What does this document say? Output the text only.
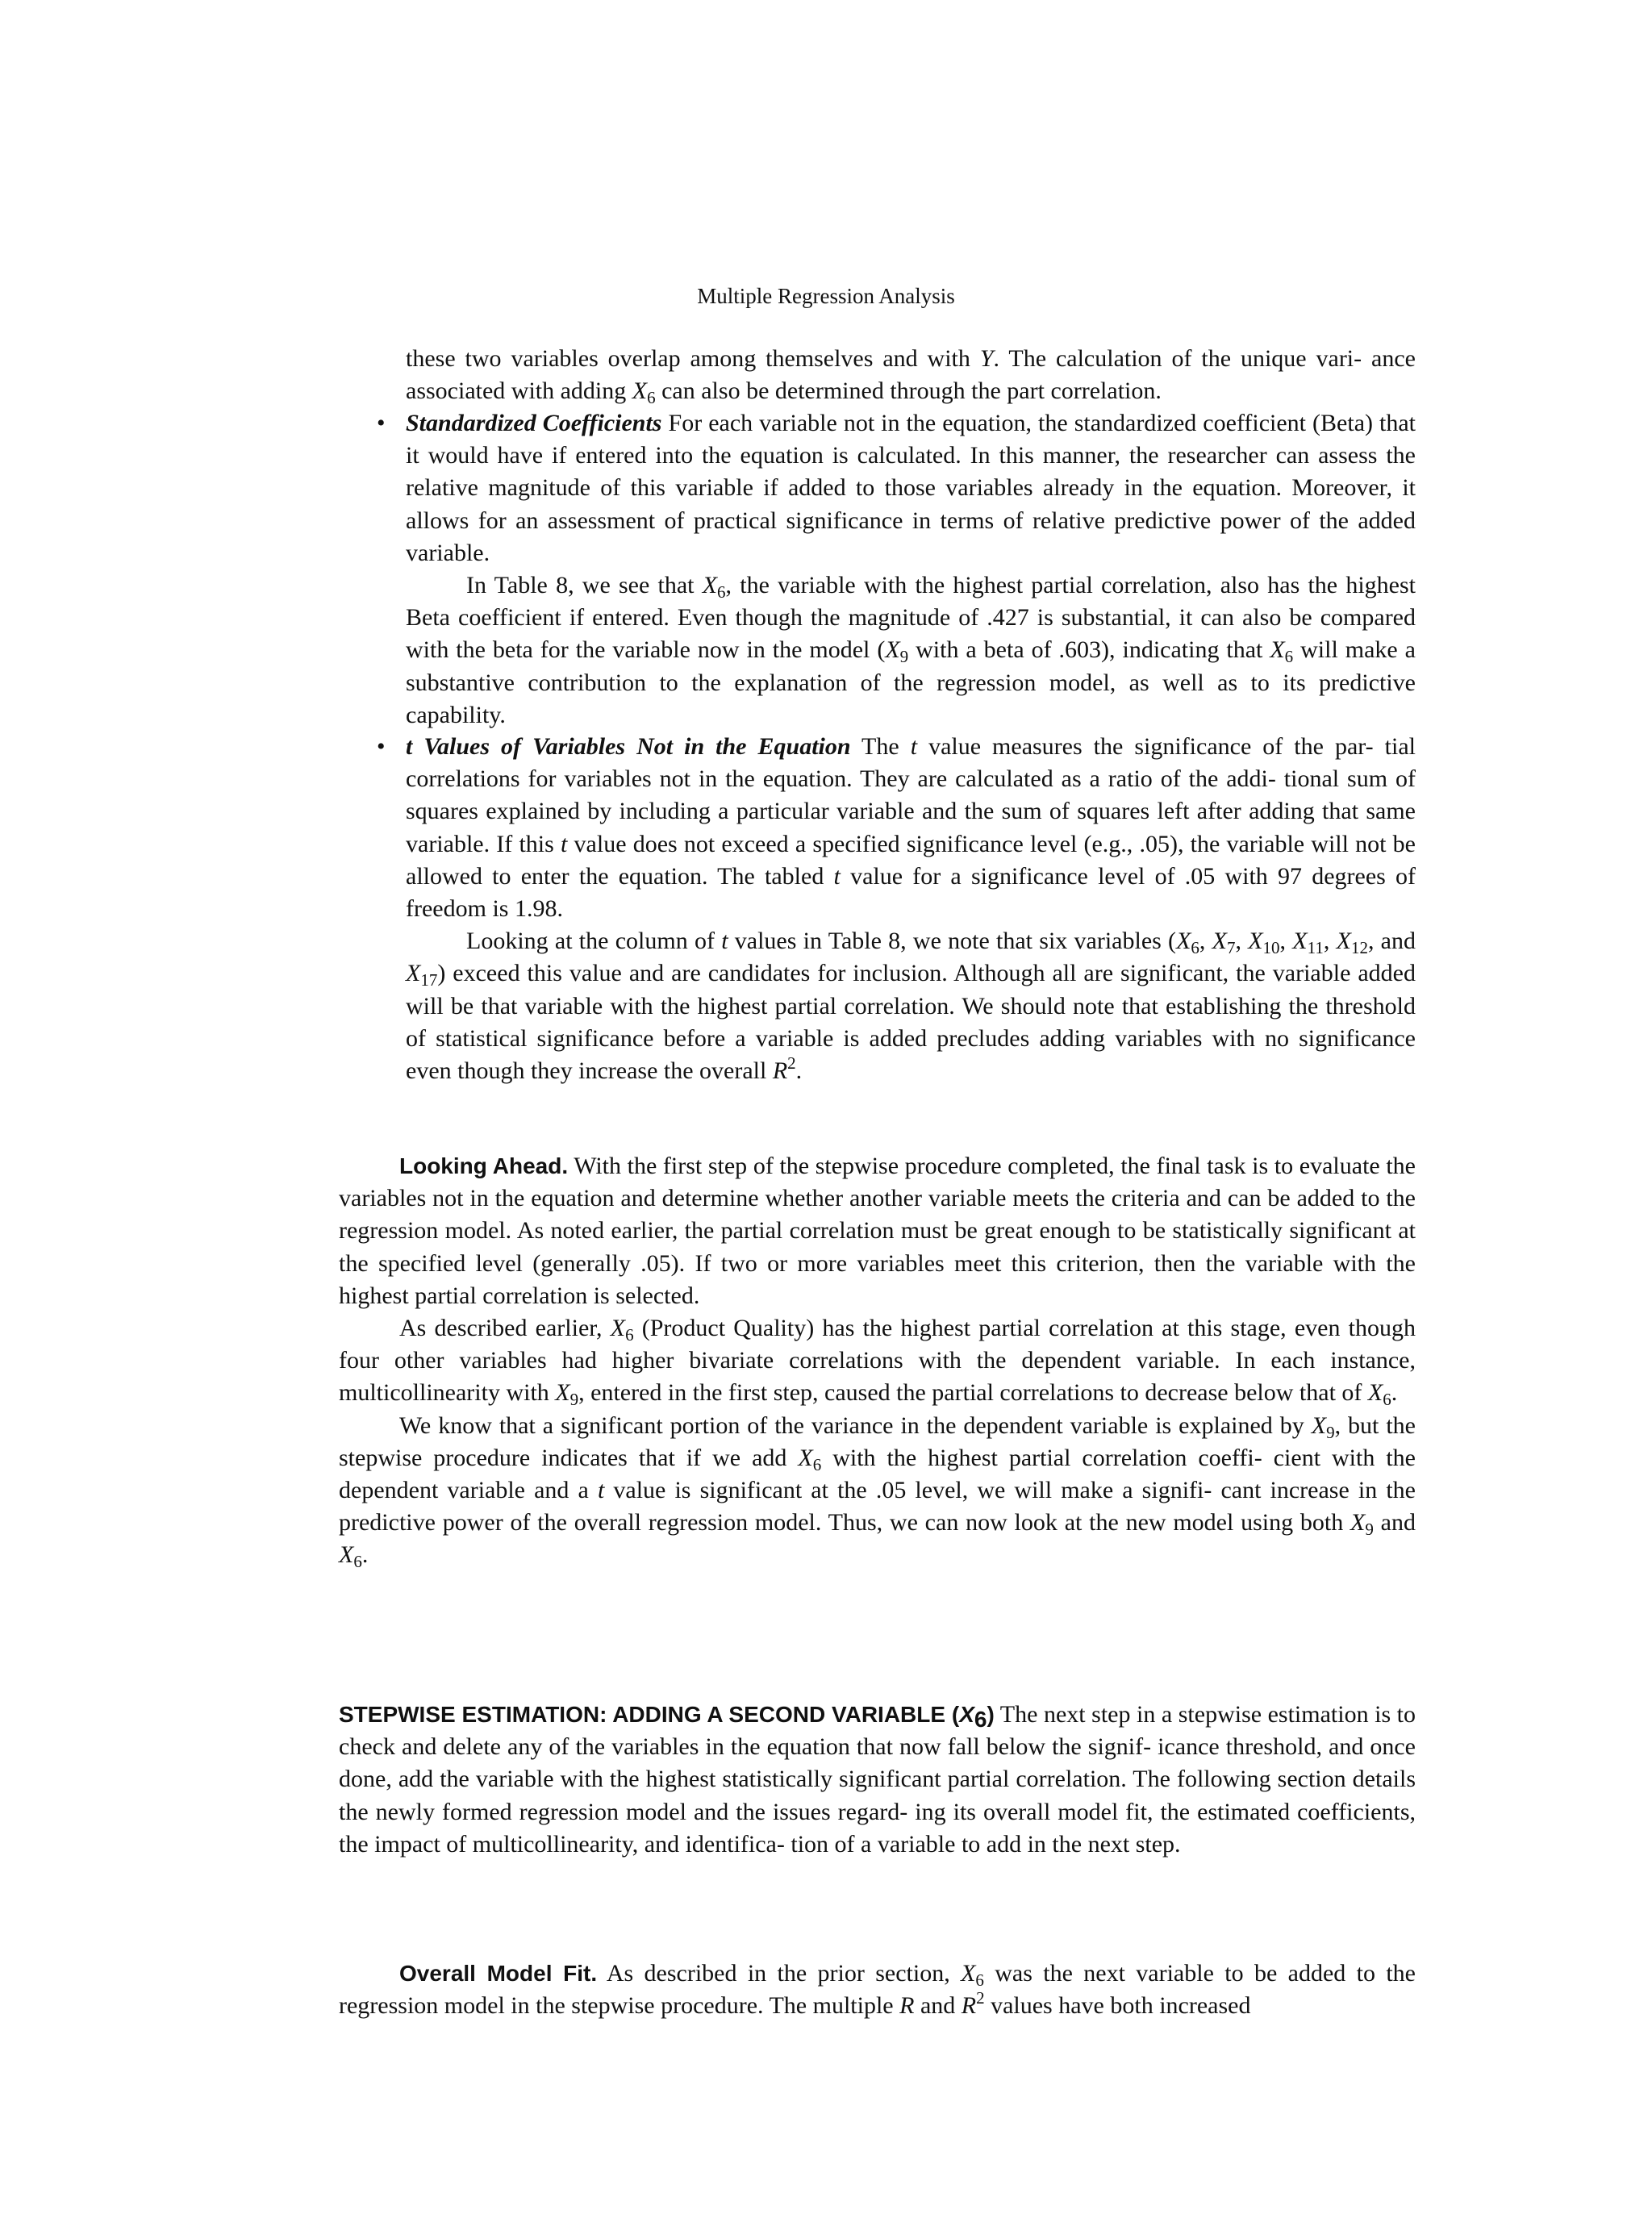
Multiple Regression Analysis

these two variables overlap among themselves and with Y. The calculation of the unique vari- ance associated with adding $X_6$ can also be determined through the part correlation.

• Standardized Coefficients For each variable not in the equation, the standardized coefficient (Beta) that it would have if entered into the equation is calculated. In this manner, the researcher can assess the relative magnitude of this variable if added to those variables already in the equation. Moreover, it allows for an assessment of practical significance in terms of relative predictive power of the added variable.

In Table 8, we see that $X_6$, the variable with the highest partial correlation, also has the highest Beta coefficient if entered. Even though the magnitude of .427 is substantial, it can also be compared with the beta for the variable now in the model ($X_9$ with a beta of .603), indicating that $X_6$ will make a substantive contribution to the explanation of the regression model, as well as to its predictive capability.

• t Values of Variables Not in the Equation The t value measures the significance of the par- tial correlations for variables not in the equation. They are calculated as a ratio of the addi- tional sum of squares explained by including a particular variable and the sum of squares left after adding that same variable. If this t value does not exceed a specified significance level (e.g., .05), the variable will not be allowed to enter the equation. The tabled t value for a significance level of .05 with 97 degrees of freedom is 1.98.

Looking at the column of t values in Table 8, we note that six variables ($X_6$, $X_7$, $X_{10}$, $X_{11}$, $X_{12}$, and $X_{17}$) exceed this value and are candidates for inclusion. Although all are significant, the variable added will be that variable with the highest partial correlation. We should note that establishing the threshold of statistical significance before a variable is added precludes adding variables with no significance even though they increase the overall $R^2$.

Looking Ahead. With the first step of the stepwise procedure completed, the final task is to evaluate the variables not in the equation and determine whether another variable meets the criteria and can be added to the regression model. As noted earlier, the partial correlation must be great enough to be statistically significant at the specified level (generally .05). If two or more variables meet this criterion, then the variable with the highest partial correlation is selected.

As described earlier, $X_6$ (Product Quality) has the highest partial correlation at this stage, even though four other variables had higher bivariate correlations with the dependent variable. In each instance, multicollinearity with $X_9$, entered in the first step, caused the partial correlations to decrease below that of $X_6$.

We know that a significant portion of the variance in the dependent variable is explained by $X_9$, but the stepwise procedure indicates that if we add $X_6$ with the highest partial correlation coeffi- cient with the dependent variable and a t value is significant at the .05 level, we will make a signifi- cant increase in the predictive power of the overall regression model. Thus, we can now look at the new model using both $X_9$ and $X_6$.

STEPWISE ESTIMATION: ADDING A SECOND VARIABLE $(X_6)$ The next step in a stepwise estimation is to check and delete any of the variables in the equation that now fall below the signif- icance threshold, and once done, add the variable with the highest statistically significant partial correlation. The following section details the newly formed regression model and the issues regard- ing its overall model fit, the estimated coefficients, the impact of multicollinearity, and identifica- tion of a variable to add in the next step.

Overall Model Fit. As described in the prior section, $X_6$ was the next variable to be added to the regression model in the stepwise procedure. The multiple R and $R^2$ values have both increased
